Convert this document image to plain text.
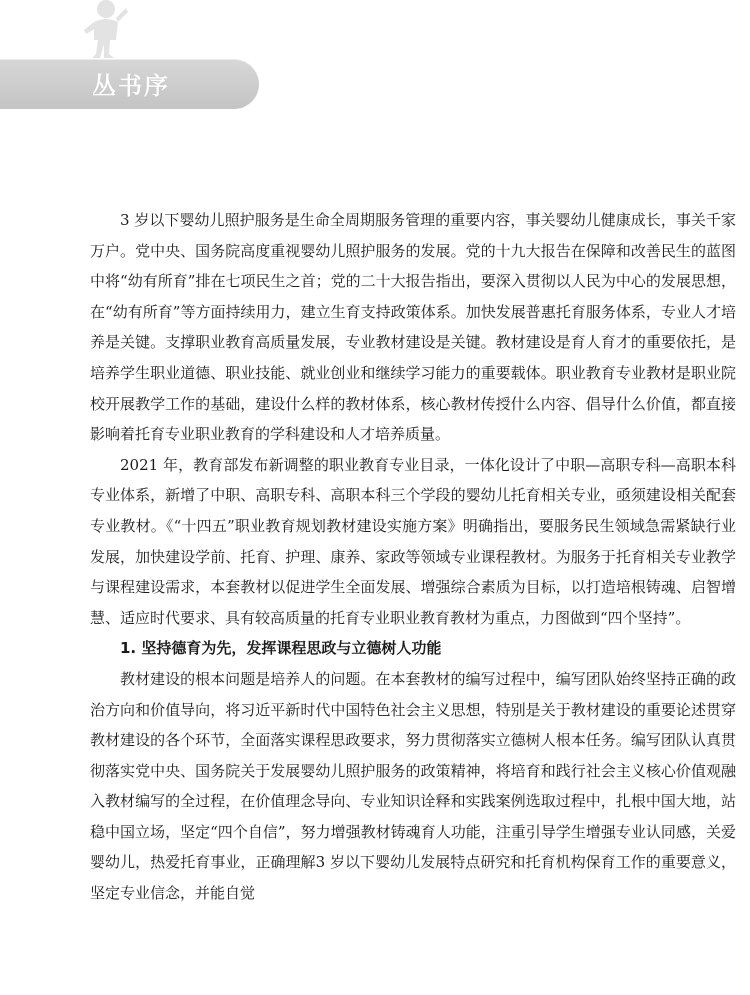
丛书序

3 岁以下婴幼儿照护服务是生命全周期服务管理的重要内容，事关婴幼儿健康成长，事关千家万户。党中央、国务院高度重视婴幼儿照护服务的发展。党的十九大报告在保障和改善民生的蓝图中将“幼有所育”排在七项民生之首；党的二十大报告指出，要深入贯彻以人民为中心的发展思想，在“幼有所育”等方面持续用力，建立生育支持政策体系。加快发展普惠托育服务体系，专业人才培养是关键。支撑职业教育高质量发展，专业教材建设是关键。教材建设是育人育才的重要依托，是培养学生职业道德、职业技能、就业创业和继续学习能力的重要载体。职业教育专业教材是职业院校开展教学工作的基础，建设什么样的教材体系，核心教材传授什么内容、倡导什么价值，都直接影响着托育专业职业教育的学科建设和人才培养质量。

2021 年，教育部发布新调整的职业教育专业目录，一体化设计了中职—高职专科—高职本科专业体系，新增了中职、高职专科、高职本科三个学段的婴幼儿托育相关专业，亟须建设相关配套专业教材。《“十四五”职业教育规划教材建设实施方案》明确指出，要服务民生领域急需紧缺行业发展，加快建设学前、托育、护理、康养、家政等领域专业课程教材。为服务于托育相关专业教学与课程建设需求，本套教材以促进学生全面发展、增强综合素质为目标，以打造培根铸魂、启智增慧、适应时代要求、具有较高质量的托育专业职业教育教材为重点，力图做到“四个坚持”。

1. 坚持德育为先，发挥课程思政与立德树人功能

教材建设的根本问题是培养人的问题。在本套教材的编写过程中，编写团队始终坚持正确的政治方向和价值导向，将习近平新时代中国特色社会主义思想，特别是关于教材建设的重要论述贯穿教材建设的各个环节，全面落实课程思政要求，努力贯彻落实立德树人根本任务。编写团队认真贯彻落实党中央、国务院关于发展婴幼儿照护服务的政策精神，将培育和践行社会主义核心价值观融入教材编写的全过程，在价值理念导向、专业知识诠释和实践案例选取过程中，扎根中国大地，站稳中国立场，坚定“四个自信”，努力增强教材铸魂育人功能，注重引导学生增强专业认同感，关爱婴幼儿，热爱托育事业，正确理解3 岁以下婴幼儿发展特点研究和托育机构保育工作的重要意义，坚定专业信念，并能自觉
